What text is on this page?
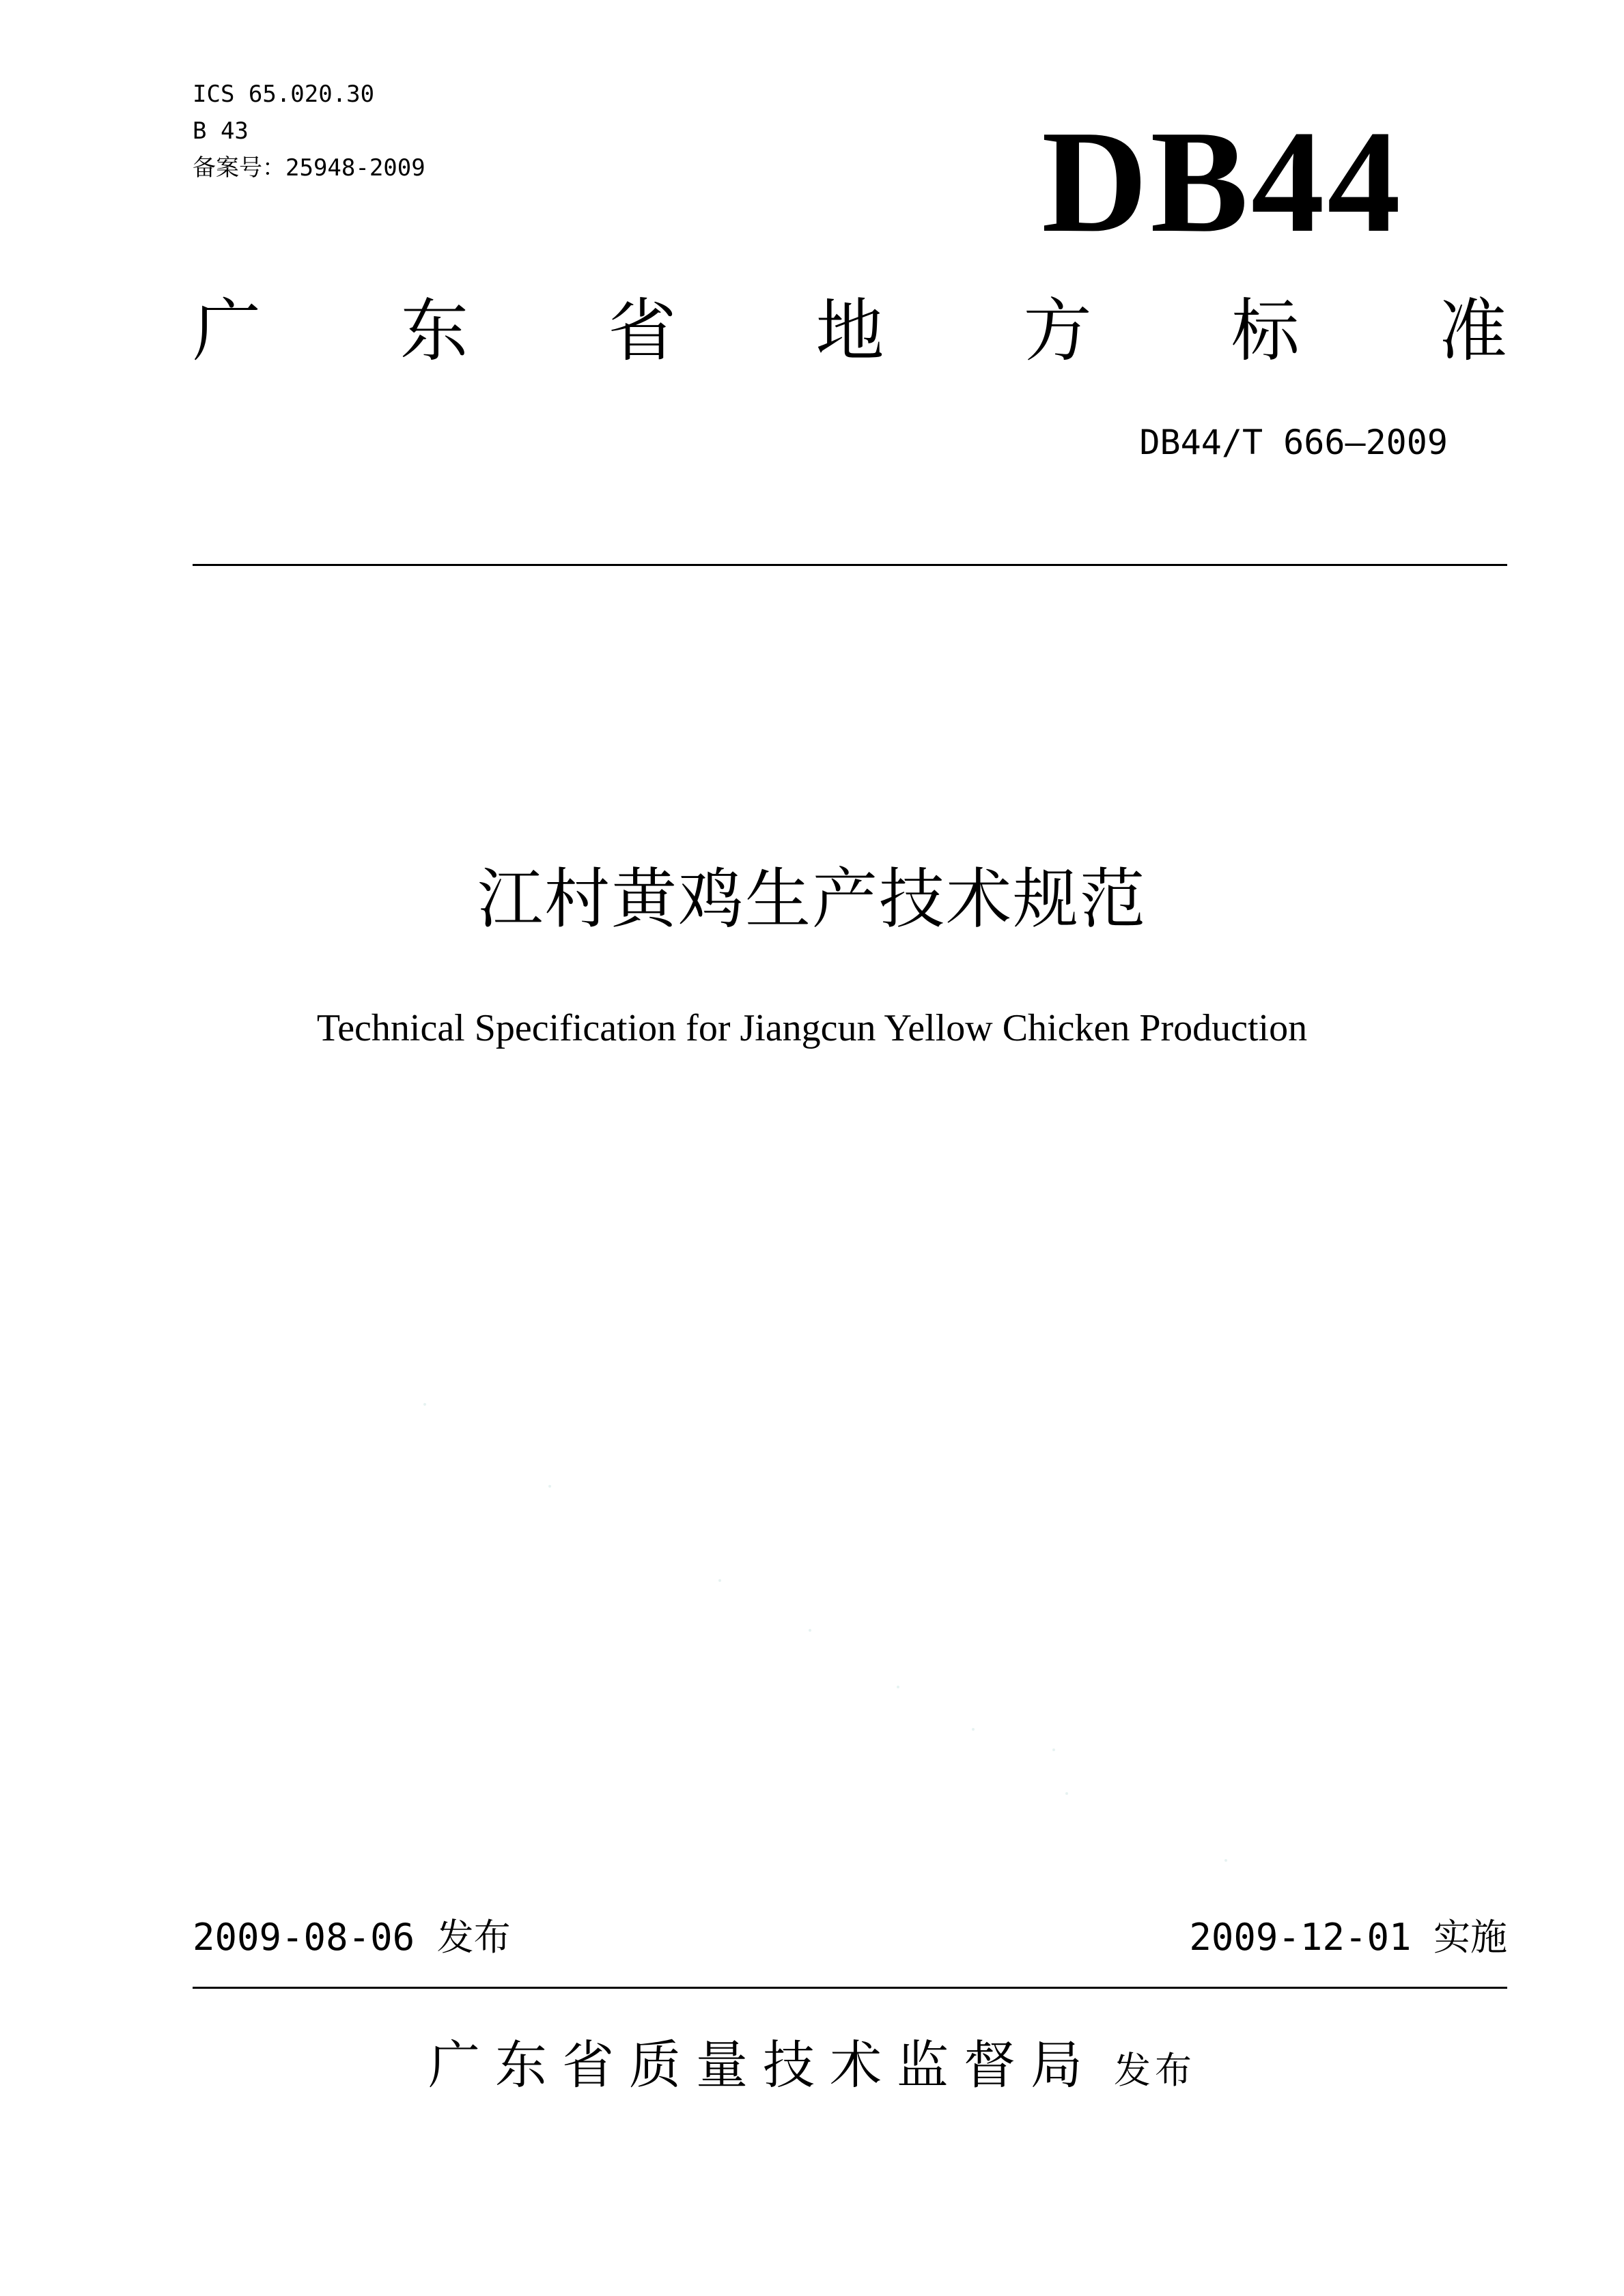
ICS 65.020.30
B 43
备案号：25948-2009	DB44
广 东 省 地 方 标 准
DB44/T 666—2009
江村黄鸡生产技术规范
Technical Specification for Jiangcun Yellow Chicken Production
2009-08-06 发布	2009-12-01 实施
广东省质量技术监督局 发布
